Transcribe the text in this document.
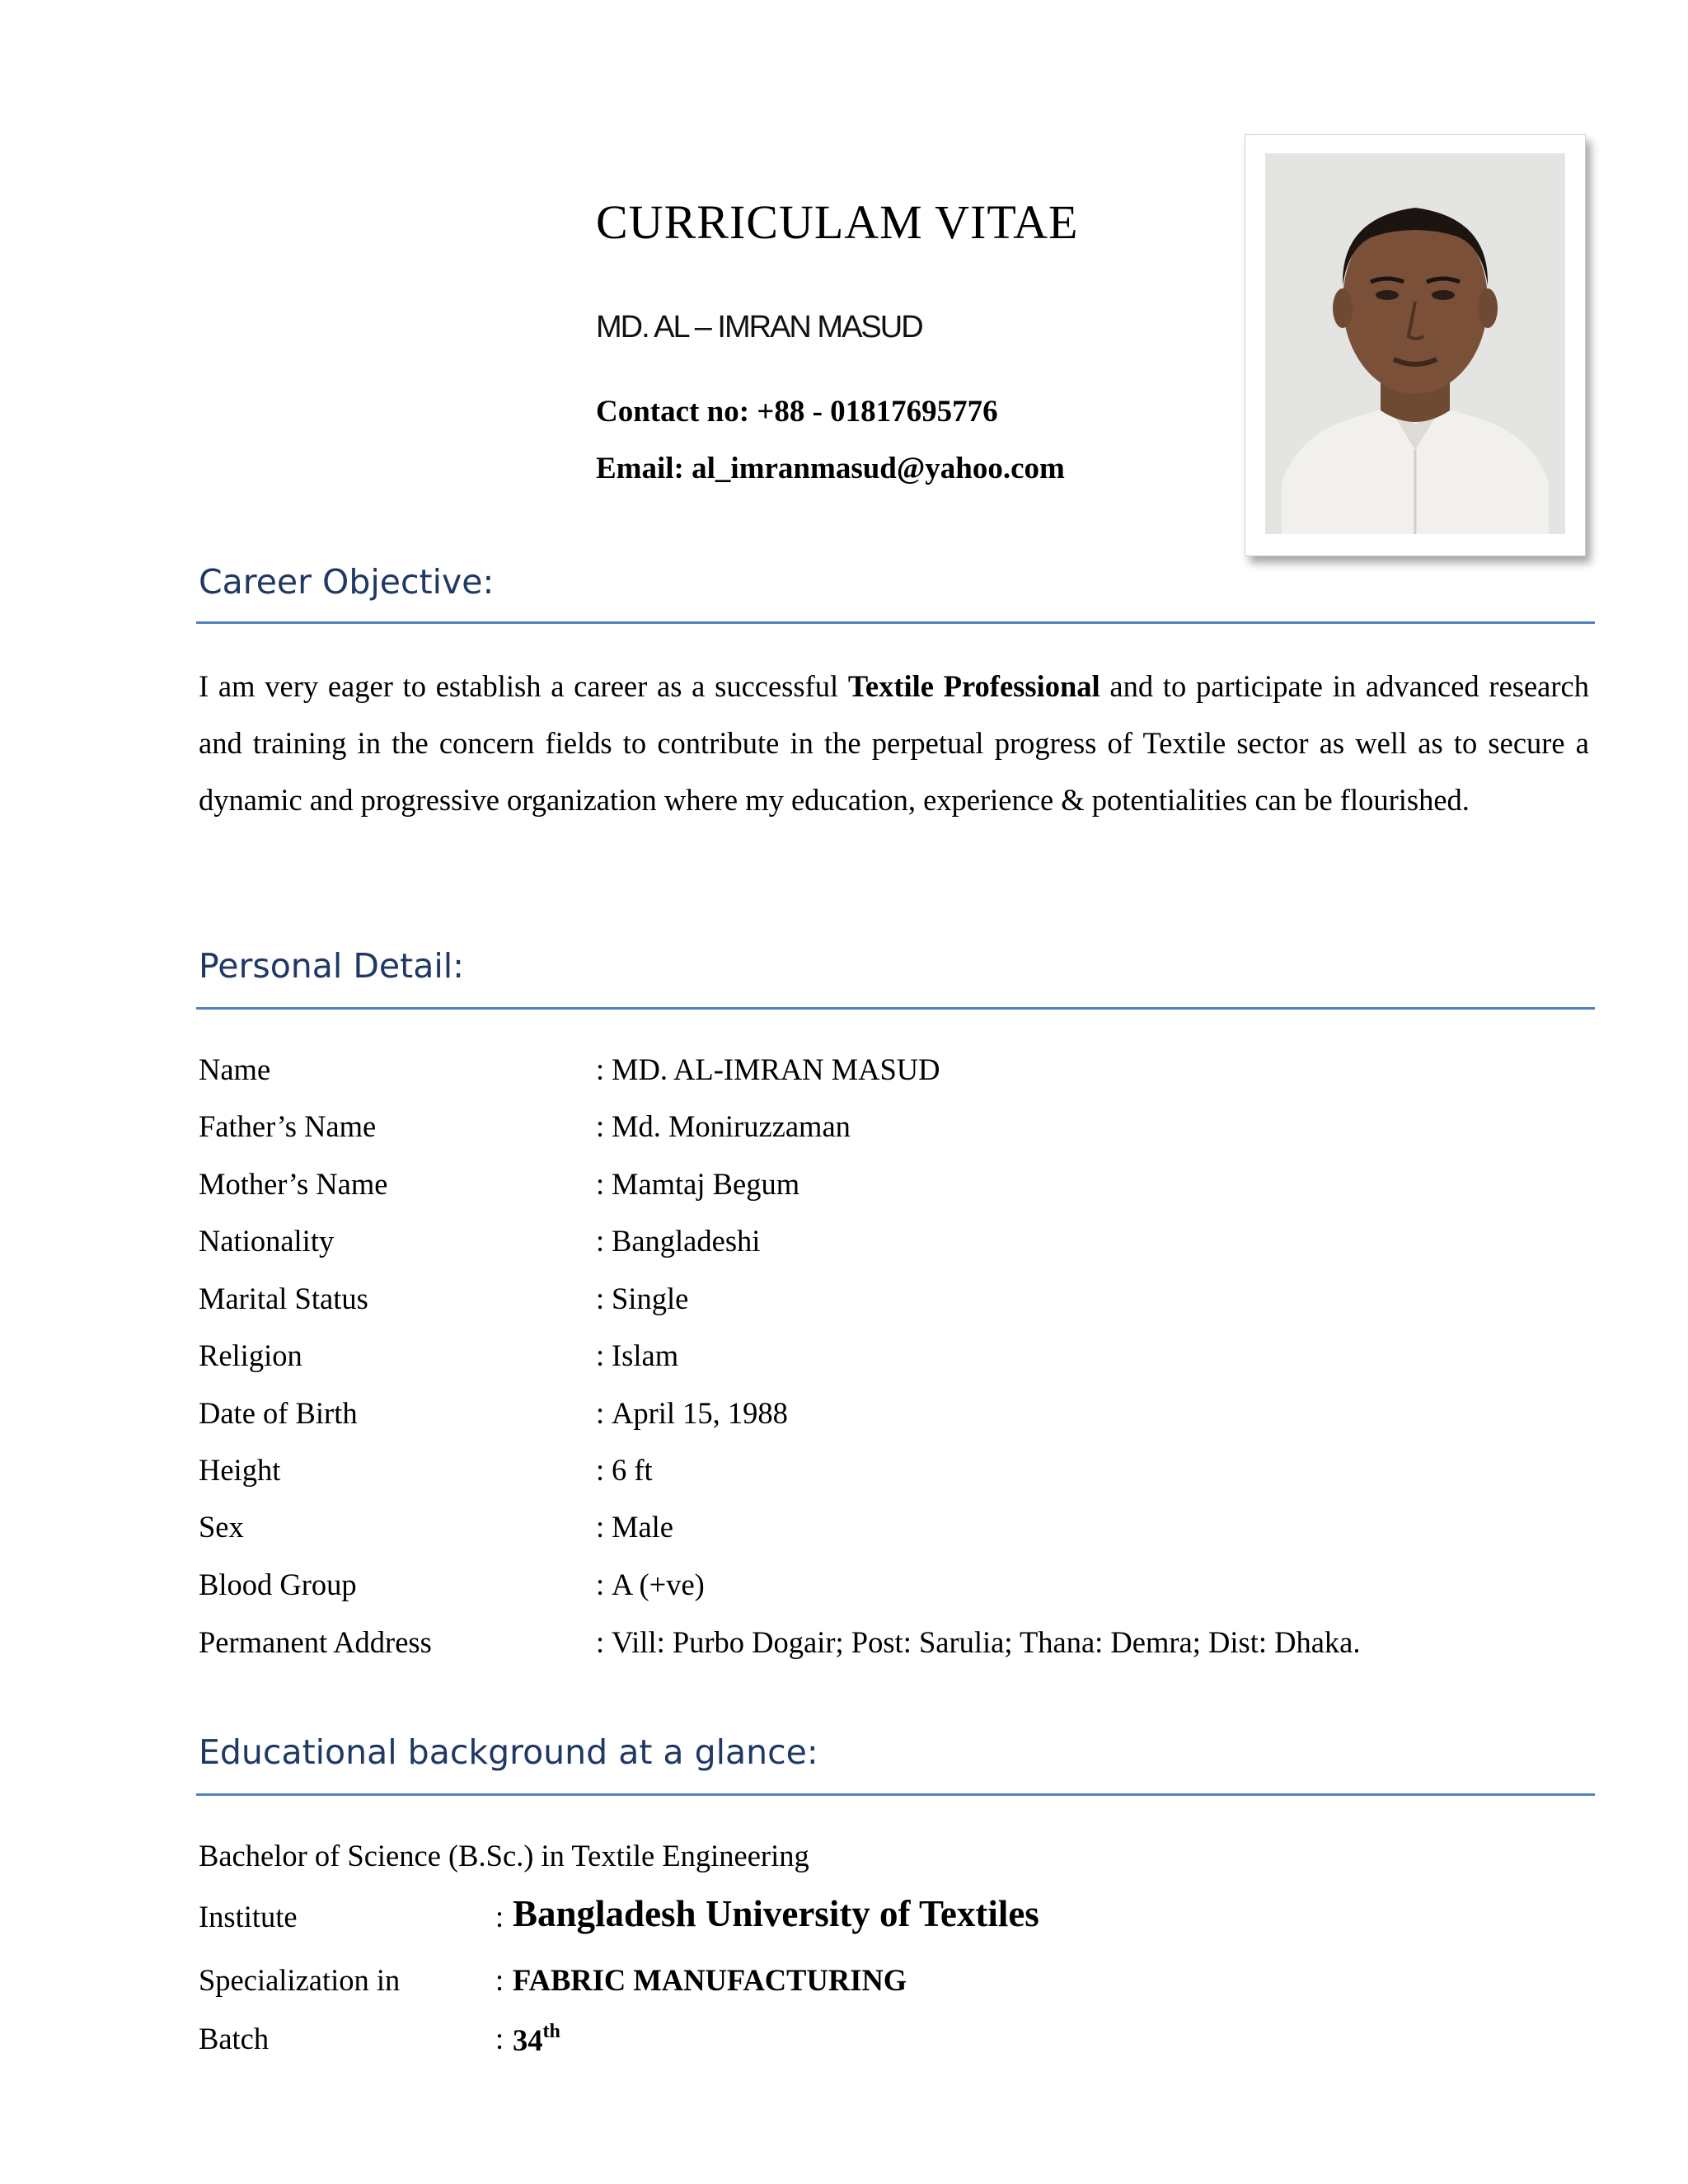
CURRICULAM VITAE
MD. AL – IMRAN MASUD
Contact no: +88 - 01817695776
Email: al_imranmasud@yahoo.com
Career Objective:
I am very eager to establish a career as a successful Textile Professional and to participate in advanced research and training in the concern fields to contribute in the perpetual progress of Textile sector as well as to secure a dynamic and progressive organization where my education, experience & potentialities can be flourished.
Personal Detail:
Name	: MD. AL-IMRAN MASUD
Father’s Name	: Md. Moniruzzaman
Mother’s Name	: Mamtaj Begum
Nationality	: Bangladeshi
Marital Status	: Single
Religion	: Islam
Date of Birth	: April 15, 1988
Height	: 6 ft
Sex	: Male
Blood Group	: A (+ve)
Permanent Address	: Vill: Purbo Dogair; Post: Sarulia; Thana: Demra; Dist: Dhaka.
Educational background at a glance:
Bachelor of Science (B.Sc.) in Textile Engineering
Institute	: Bangladesh University of Textiles
Specialization in	: FABRIC MANUFACTURING
Batch	: 34th
